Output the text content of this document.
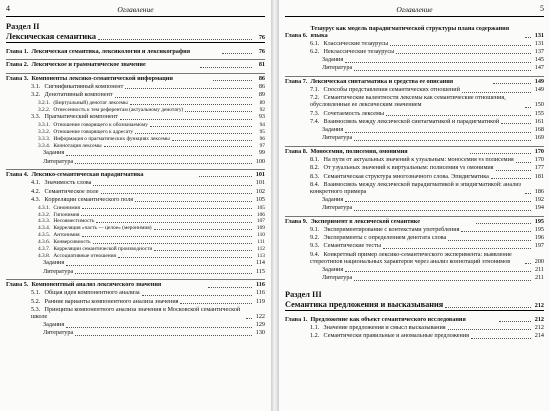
4	Оглавление
Раздел II
Лексическая семантика	76
Глава 1. Лексическая семантика, лексикология и лексикография	76
Глава 2. Лексическое и грамматическое значение	81
Глава 3. Компоненты лексико-семантической информации	86
3.1. Сигнификативный компонент	86
3.2. Денотативный компонент	89
3.2.1. (Виртуальный) денотат лексемы	89
3.2.2. Отнесенность к тем референтам (актуальному денотату)	92
3.3. Прагматический компонент	93
3.3.1. Отношение говорящего к обозначаемому	94
3.3.2. Отношение говорящего к адресату	95
3.3.3. Информация о прагматических функциях лексемы	96
3.3.4. Коннотация лексемы	97
Задания	99
Литература	100
Глава 4. Лексико-семантическая парадигматика	101
4.1. Значимость слова	101
4.2. Семантическое поле	102
4.3. Корреляции семантического поля	105
4.3.1. Синонимия	105
4.3.2. Гипонимия	106
4.3.3. Несовместимость	107
4.3.4. Корреляция «часть — целое» (меронимия)	109
4.3.5. Антонимия	110
4.3.6. Конверсивность	111
4.3.7. Корреляции семантической производности	112
4.3.8. Ассоциативные отношения	113
Задания	114
Литература	115
Глава 5. Компонентный анализ лексического значения	116
5.1. Общая идея компонентного анализа	116
5.2. Ранние варианты компонентного анализа значения	119
5.3. Принципы компонентного анализа значения в Московской семантической школе	122
Задания	129
Литература	130
Оглавление	5
Глава 6.
Тезаурус как модель парадигматической структуры плана содержания языка	131
6.1. Классические тезаурусы	131
6.2. Неклассические тезаурусы	137
Задания	145
Литература	147
Глава 7. Лексическая синтагматика и средства ее описания	149
7.1. Способы представления семантических отношений	149
7.2. Семантические валентности лексемы как семантические отношения, обусловленные ее лексическим значением	150
7.3. Сочетаемость лексемы	155
7.4. Взаимосвязь между лексической синтагматикой и парадигматикой	161
Задания	168
Литература	169
Глава 8. Моносемия, полисемия, омонимия	170
8.1. На пути от актуальных значений к узуальным: моносемия vs полисемия	170
8.2. От узуальных значений к виртуальным: полисемия vs омонимия	177
8.3. Семантическая структура многозначного слова. Эпидигматика	181
8.4. Взаимосвязь между лексической парадигматикой и эпидигматикой: анализ конкретного примера	186
Задания	192
Литература	194
Глава 9. Эксперимент в лексической семантике	195
9.1. Экспериментирование с контекстами употребления	195
9.2. Эксперименты с определением денотата слова	196
9.3. Семантические тесты	197
9.4. Конкретный пример лексико-семантического эксперимента: выявление стереотипов национальных характеров через анализ коннотаций этнонимов	200
Задания	211
Литература	211
Раздел III
Семантика предложения и высказывания	212
Глава 1. Предложение как объект семантического исследования	212
1.1. Значение предложения и смысл высказывания	212
1.2. Семантически правильные и аномальные предложения	214
